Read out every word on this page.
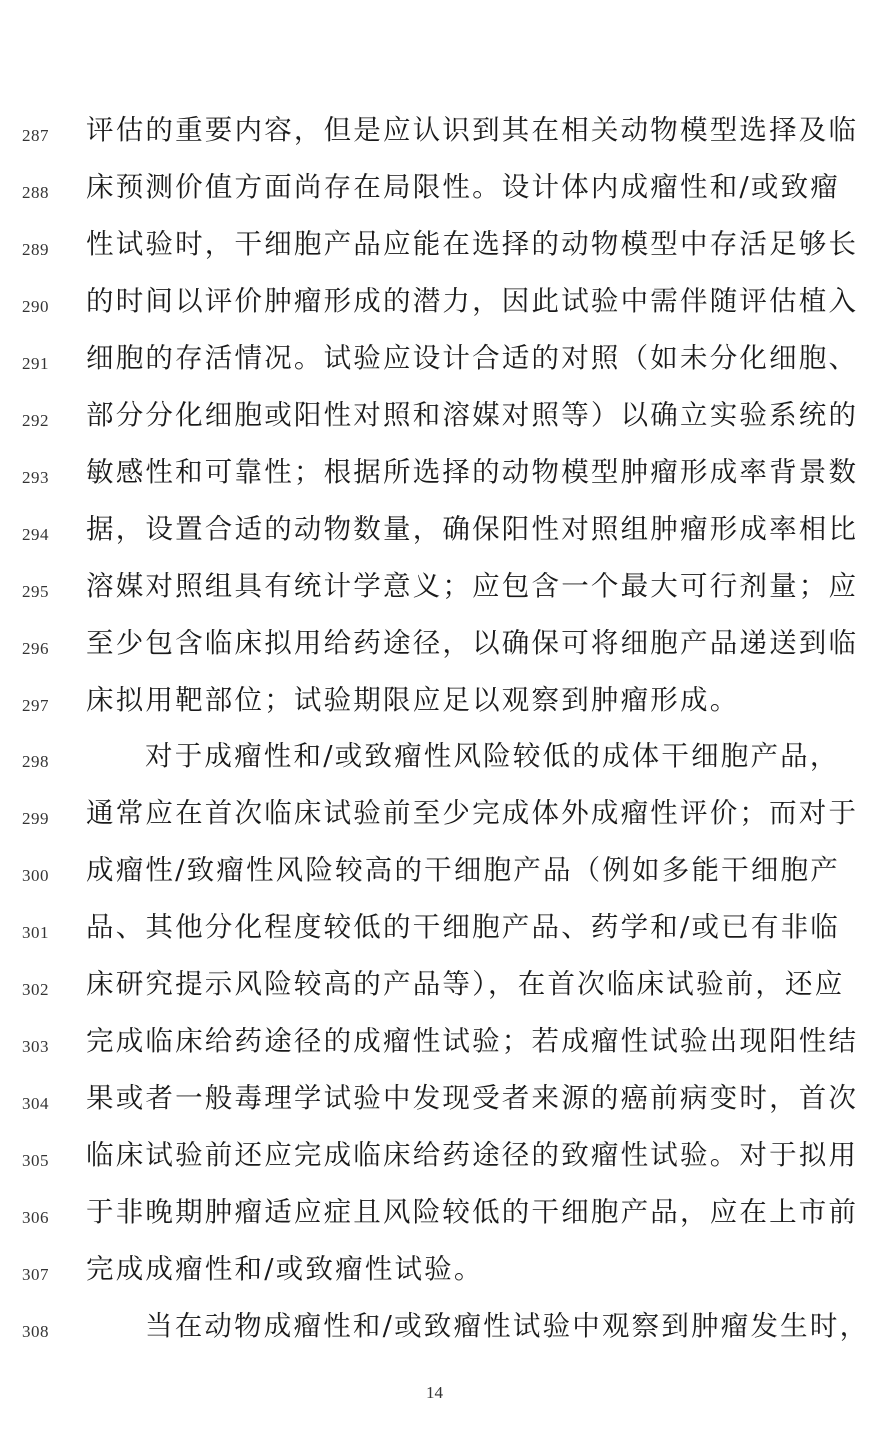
287	评估的重要内容，但是应认识到其在相关动物模型选择及临
288	床预测价值方面尚存在局限性。设计体内成瘤性和/或致瘤
289	性试验时，干细胞产品应能在选择的动物模型中存活足够长
290	的时间以评价肿瘤形成的潜力，因此试验中需伴随评估植入
291	细胞的存活情况。试验应设计合适的对照（如未分化细胞、
292	部分分化细胞或阳性对照和溶媒对照等）以确立实验系统的
293	敏感性和可靠性；根据所选择的动物模型肿瘤形成率背景数
294	据，设置合适的动物数量，确保阳性对照组肿瘤形成率相比
295	溶媒对照组具有统计学意义；应包含一个最大可行剂量；应
296	至少包含临床拟用给药途径，以确保可将细胞产品递送到临
297	床拟用靶部位；试验期限应足以观察到肿瘤形成。
298	对于成瘤性和/或致瘤性风险较低的成体干细胞产品，
299	通常应在首次临床试验前至少完成体外成瘤性评价；而对于
300	成瘤性/致瘤性风险较高的干细胞产品（例如多能干细胞产
301	品、其他分化程度较低的干细胞产品、药学和/或已有非临
302	床研究提示风险较高的产品等），在首次临床试验前，还应
303	完成临床给药途径的成瘤性试验；若成瘤性试验出现阳性结
304	果或者一般毒理学试验中发现受者来源的癌前病变时，首次
305	临床试验前还应完成临床给药途径的致瘤性试验。对于拟用
306	于非晚期肿瘤适应症且风险较低的干细胞产品，应在上市前
307	完成成瘤性和/或致瘤性试验。
308	当在动物成瘤性和/或致瘤性试验中观察到肿瘤发生时，
14
